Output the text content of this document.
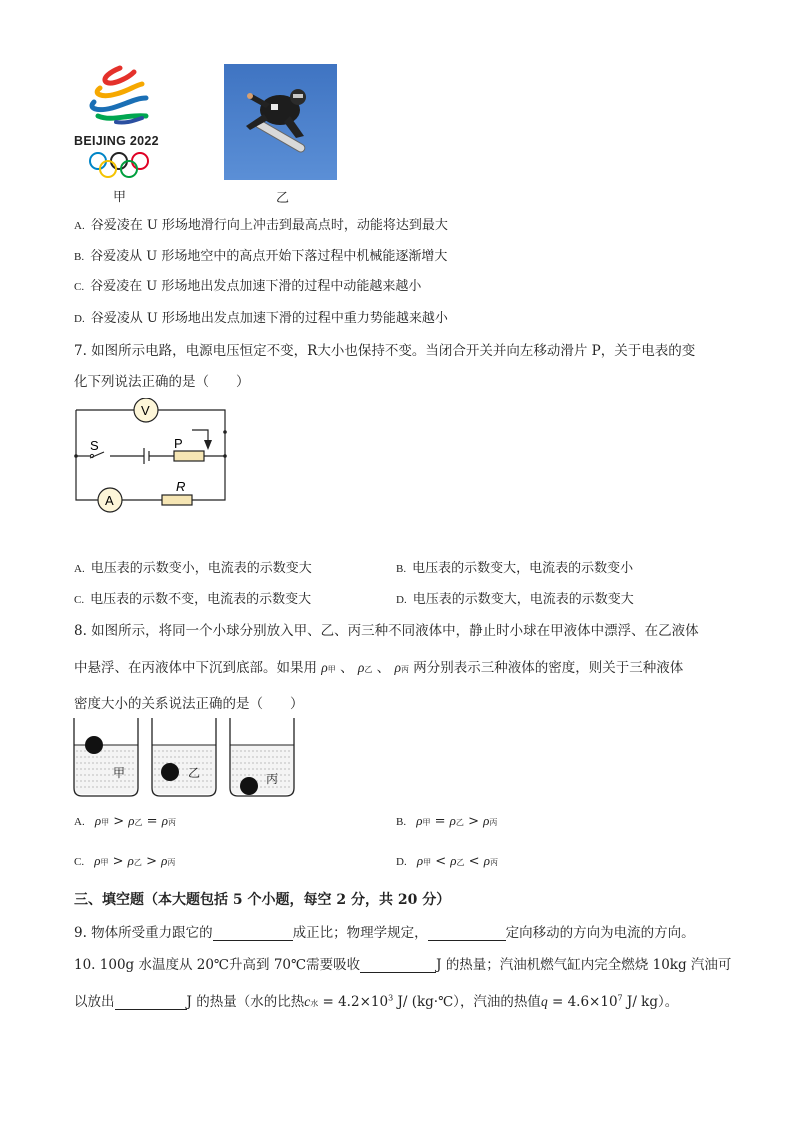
BEIJING 2022
甲	乙
A. 谷爱凌在 U 形场地滑行向上冲击到最高点时，动能将达到最大
B. 谷爱凌从 U 形场地空中的高点开始下落过程中机械能逐渐增大
C. 谷爱凌在 U 形场地出发点加速下滑的过程中动能越来越小
D. 谷爱凌从 U 形场地出发点加速下滑的过程中重力势能越来越小
7. 如图所示电路，电源电压恒定不变，R大小也保持不变。当闭合开关并向左移动滑片 P，关于电表的变
化下列说法正确的是（　　）
V
A
S	P
R
A. 电压表的示数变小，电流表的示数变大	B. 电压表的示数变大，电流表的示数变小
C. 电压表的示数不变，电流表的示数变大	D. 电压表的示数变大，电流表的示数变大
8. 如图所示，将同一个小球分别放入甲、乙、丙三种不同液体中，静止时小球在甲液体中漂浮、在乙液体
中悬浮、在丙液体中下沉到底部。如果用 ρ甲 、 ρ乙 、 ρ丙 两分别表示三种液体的密度，则关于三种液体
密度大小的关系说法正确的是（　　）
甲	乙	丙
A. ρ甲 > ρ乙 = ρ丙	B. ρ甲 = ρ乙 > ρ丙
C. ρ甲 > ρ乙 > ρ丙	D. ρ甲 < ρ乙 < ρ丙
三、填空题（本大题包括 5 个小题，每空 2 分，共 20 分）
9. 物体所受重力跟它的	成正比；物理学规定，	定向移动的方向为电流的方向。
10. 100g 水温度从 20℃升高到 70℃需要吸收	J 的热量；汽油机燃气缸内完全燃烧 10kg 汽油可
以放出	J 的热量（水的比热c水 = $4.2\times 10^3$ J/ (kg·℃），汽油的热值$q = 4.6\times 10^7$ J/ kg）。
